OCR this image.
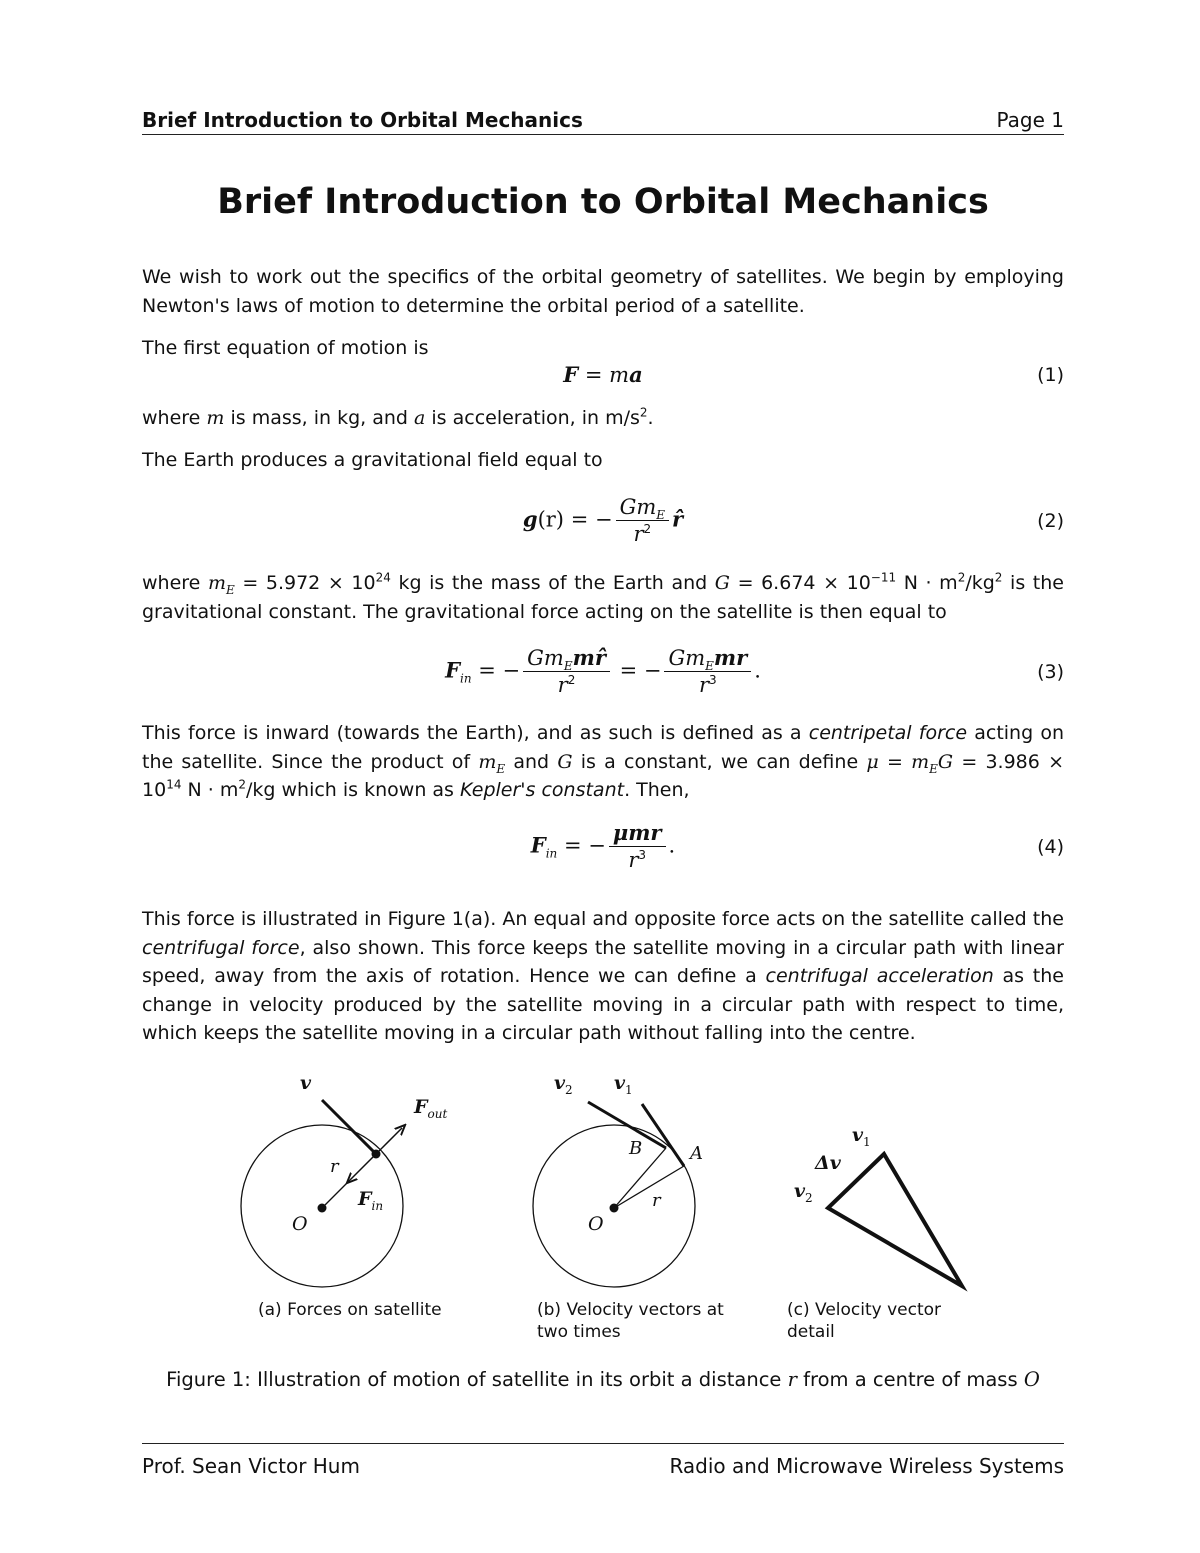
Brief Introduction to Orbital Mechanics	Page 1
Brief Introduction to Orbital Mechanics
We wish to work out the specifics of the orbital geometry of satellites. We begin by employing Newton's laws of motion to determine the orbital period of a satellite.
The first equation of motion is
F = ma	(1)
where m is mass, in kg, and a is acceleration, in $m/s^2$.
The Earth produces a gravitational field equal to
g(r) = − $\frac{Gm_E}{r^2}$ r̂	(2)
where $m_E = 5.972 \times 10^{24}$ kg is the mass of the Earth and $G = 6.674 \times 10^{-11}$ $N \cdot m^2/kg^2$ is the gravitational constant. The gravitational force acting on the satellite is then equal to
$F_{in}$ = − $\frac{Gm_Emr̂}{r^2}$ = − $\frac{Gm_Emr}{r^3}$ .	(3)
This force is inward (towards the Earth), and as such is defined as a centripetal force acting on the satellite. Since the product of $m_E$ and G is a constant, we can define $\mu = m_EG = 3.986 \times 10^{14}$ $N \cdot m^2/kg$ which is known as Kepler's constant. Then,
$F_{in}$ = − $\frac{\text{μmr}}{r^3}$ .	(4)
This force is illustrated in Figure 1(a). An equal and opposite force acts on the satellite called the centrifugal force, also shown. This force keeps the satellite moving in a circular path with linear speed, away from the axis of rotation. Hence we can define a centrifugal acceleration as the change in velocity produced by the satellite moving in a circular path with respect to time, which keeps the satellite moving in a circular path without falling into the centre.
v
$F_{out}$
r
$F_{in}$
O
(a) Forces on satellite
$v_2$ $v_1$
B	A
r
O
(b) Velocity vectors at two times
$v_1$
Δv
$v_2$
(c) Velocity vector
detail
Figure 1: Illustration of motion of satellite in its orbit a distance r from a centre of mass O
Prof. Sean Victor Hum	Radio and Microwave Wireless Systems
